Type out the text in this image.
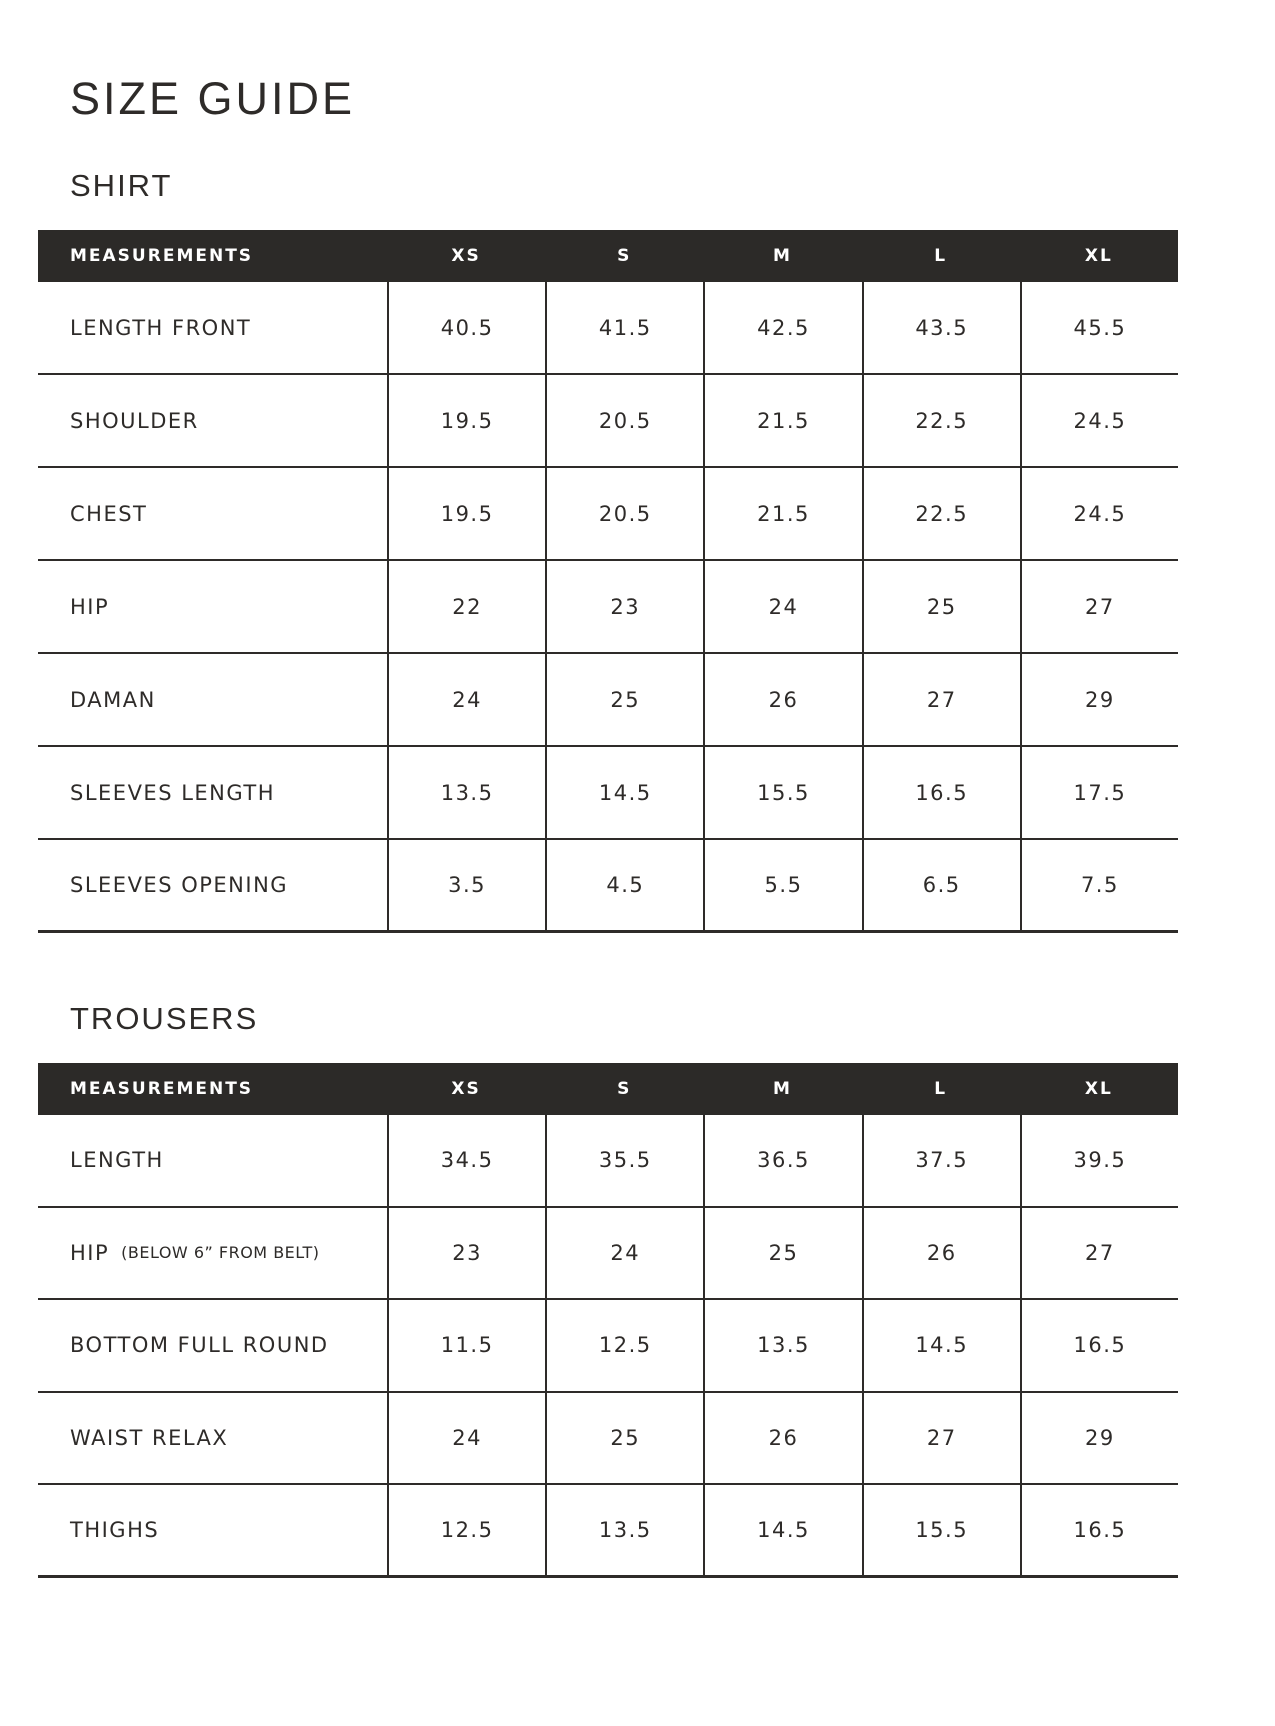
SIZE GUIDE
SHIRT
MEASUREMENTS	XS	S	M	L	XL
LENGTH FRONT	40.5	41.5	42.5	43.5	45.5
SHOULDER	19.5	20.5	21.5	22.5	24.5
CHEST	19.5	20.5	21.5	22.5	24.5
HIP	22	23	24	25	27
DAMAN	24	25	26	27	29
SLEEVES LENGTH	13.5	14.5	15.5	16.5	17.5
SLEEVES OPENING	3.5	4.5	5.5	6.5	7.5
TROUSERS
MEASUREMENTS	XS	S	M	L	XL
LENGTH	34.5	35.5	36.5	37.5	39.5
HIP (BELOW 6” FROM BELT)	23	24	25	26	27
BOTTOM FULL ROUND	11.5	12.5	13.5	14.5	16.5
WAIST RELAX	24	25	26	27	29
THIGHS	12.5	13.5	14.5	15.5	16.5
